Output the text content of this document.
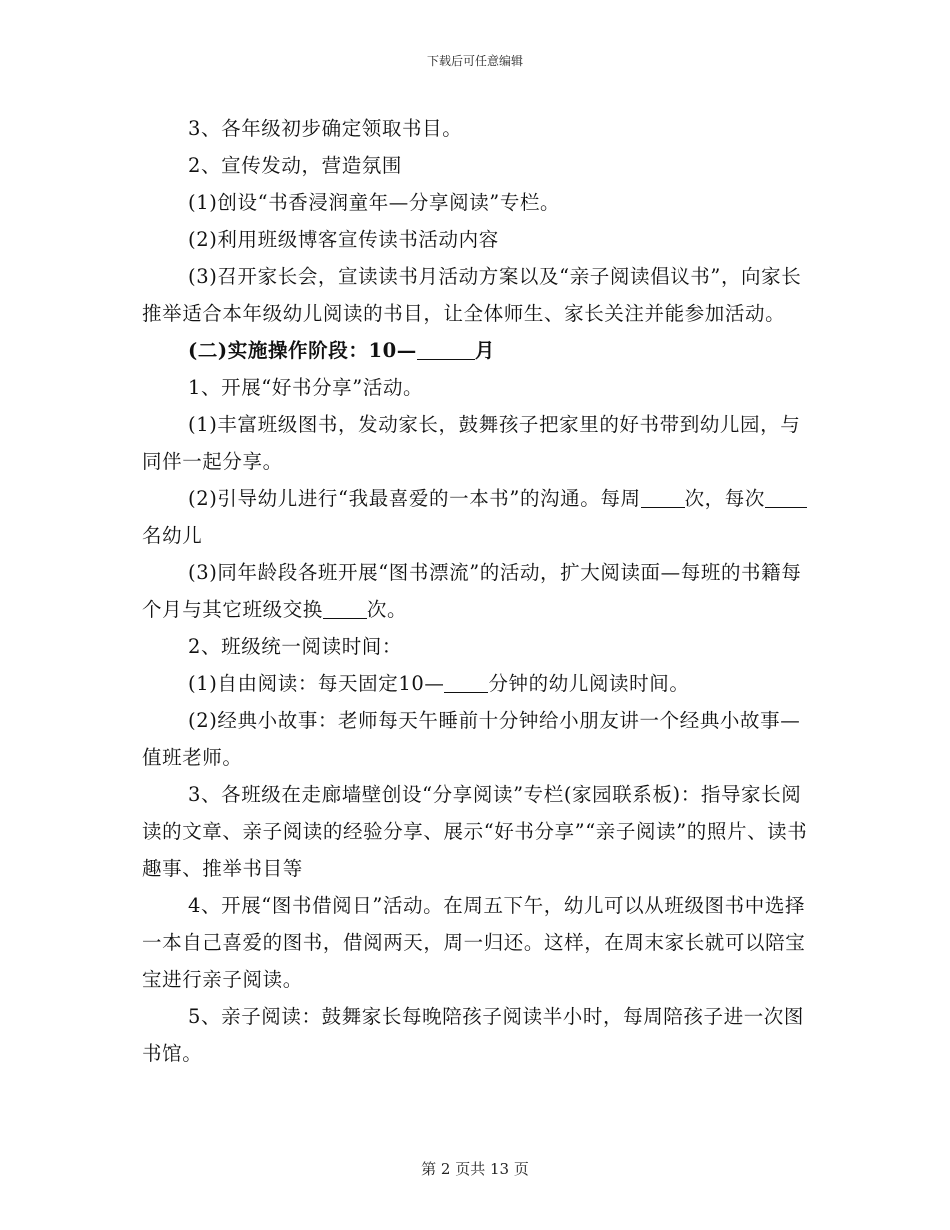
下载后可任意编辑

3、各年级初步确定领取书目。

2、宣传发动，营造氛围

(1)创设“书香浸润童年—分享阅读”专栏。

(2)利用班级博客宣传读书活动内容

(3)召开家长会，宣读读书月活动方案以及“亲子阅读倡议书”，向家长推举适合本年级幼儿阅读的书目，让全体师生、家长关注并能参加活动。

(二)实施操作阶段：10—	月

1、开展“好书分享”活动。

(1)丰富班级图书，发动家长，鼓舞孩子把家里的好书带到幼儿园，与同伴一起分享。

(2)引导幼儿进行“我最喜爱的一本书”的沟通。每周 次，每次名幼儿

(3)同年龄段各班开展“图书漂流”的活动，扩大阅读面—每班的书籍每个月与其它班级交换 次。

2、班级统一阅读时间：

(1)自由阅读：每天固定10— 分钟的幼儿阅读时间。

(2)经典小故事：老师每天午睡前十分钟给小朋友讲一个经典小故事—值班老师。

3、各班级在走廊墙壁创设“分享阅读”专栏(家园联系板)：指导家长阅读的文章、亲子阅读的经验分享、展示“好书分享”“亲子阅读”的照片、读书趣事、推举书目等

4、开展“图书借阅日”活动。在周五下午，幼儿可以从班级图书中选择一本自己喜爱的图书，借阅两天，周一归还。这样，在周末家长就可以陪宝宝进行亲子阅读。

5、亲子阅读：鼓舞家长每晚陪孩子阅读半小时，每周陪孩子进一次图书馆。

第 2 页共 13 页
